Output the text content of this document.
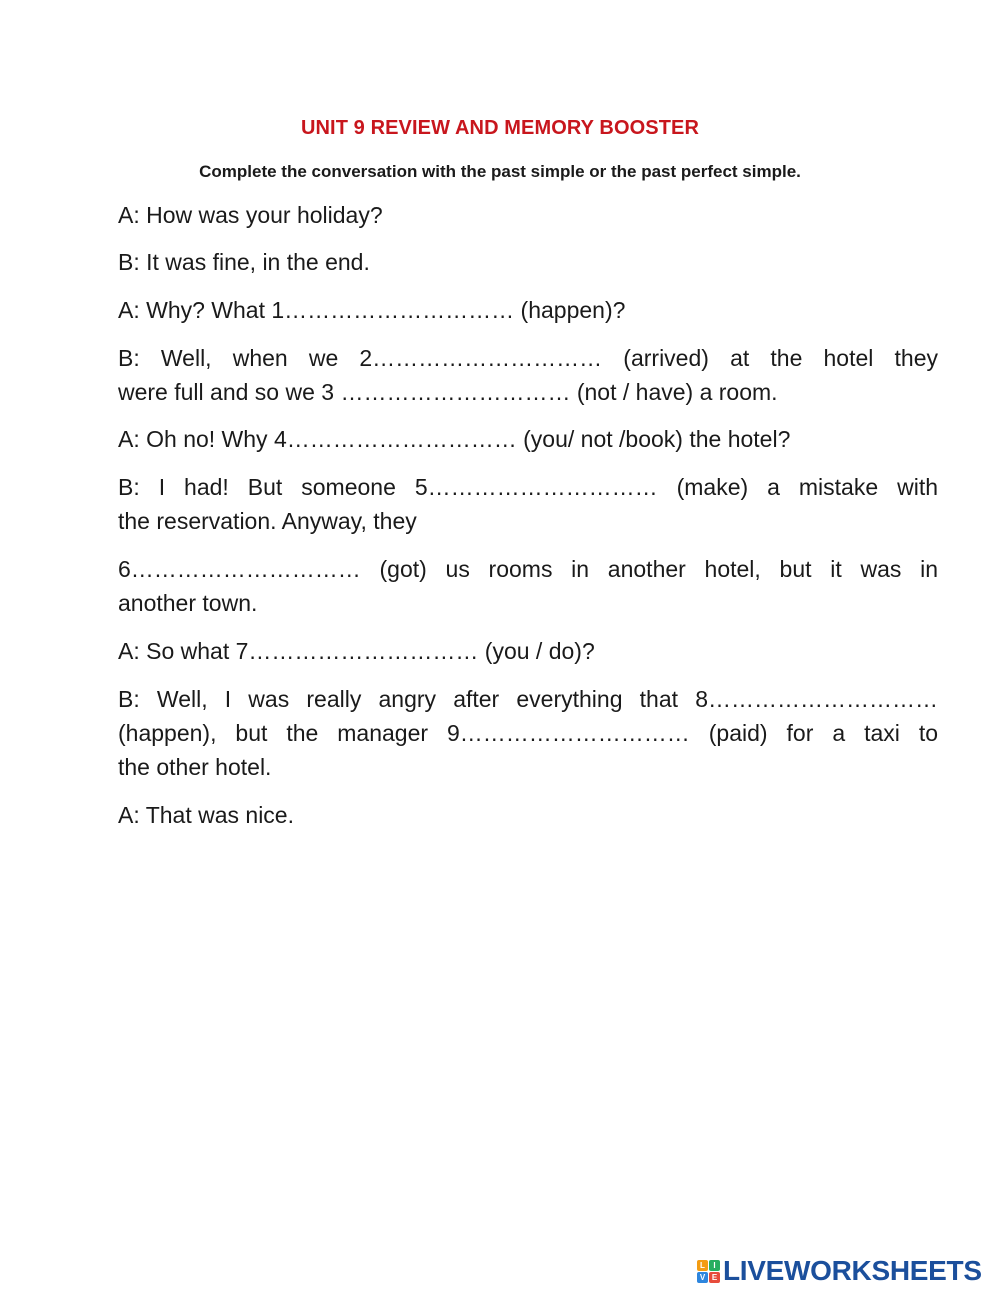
UNIT 9 REVIEW AND MEMORY BOOSTER
Complete the conversation with the past simple or the past perfect simple.

A: How was your holiday?

B: It was fine, in the end.

A: Why? What 1………………………… (happen)?

B: Well, when we 2………………………… (arrived) at the hotel they

were full and so we 3 ………………………… (not / have) a room.

A: Oh no! Why 4………………………… (you/ not /book) the hotel?

B: I had! But someone 5………………………… (make) a mistake with

the reservation. Anyway, they

6………………………… (got) us rooms in another hotel, but it was in

another town.

A: So what 7………………………… (you / do)?

B: Well, I was really angry after everything that 8…………………………

(happen), but the manager 9………………………… (paid) for a taxi to

the other hotel.

A: That was nice.

L	I
V E LIVEWORKSHEETS
